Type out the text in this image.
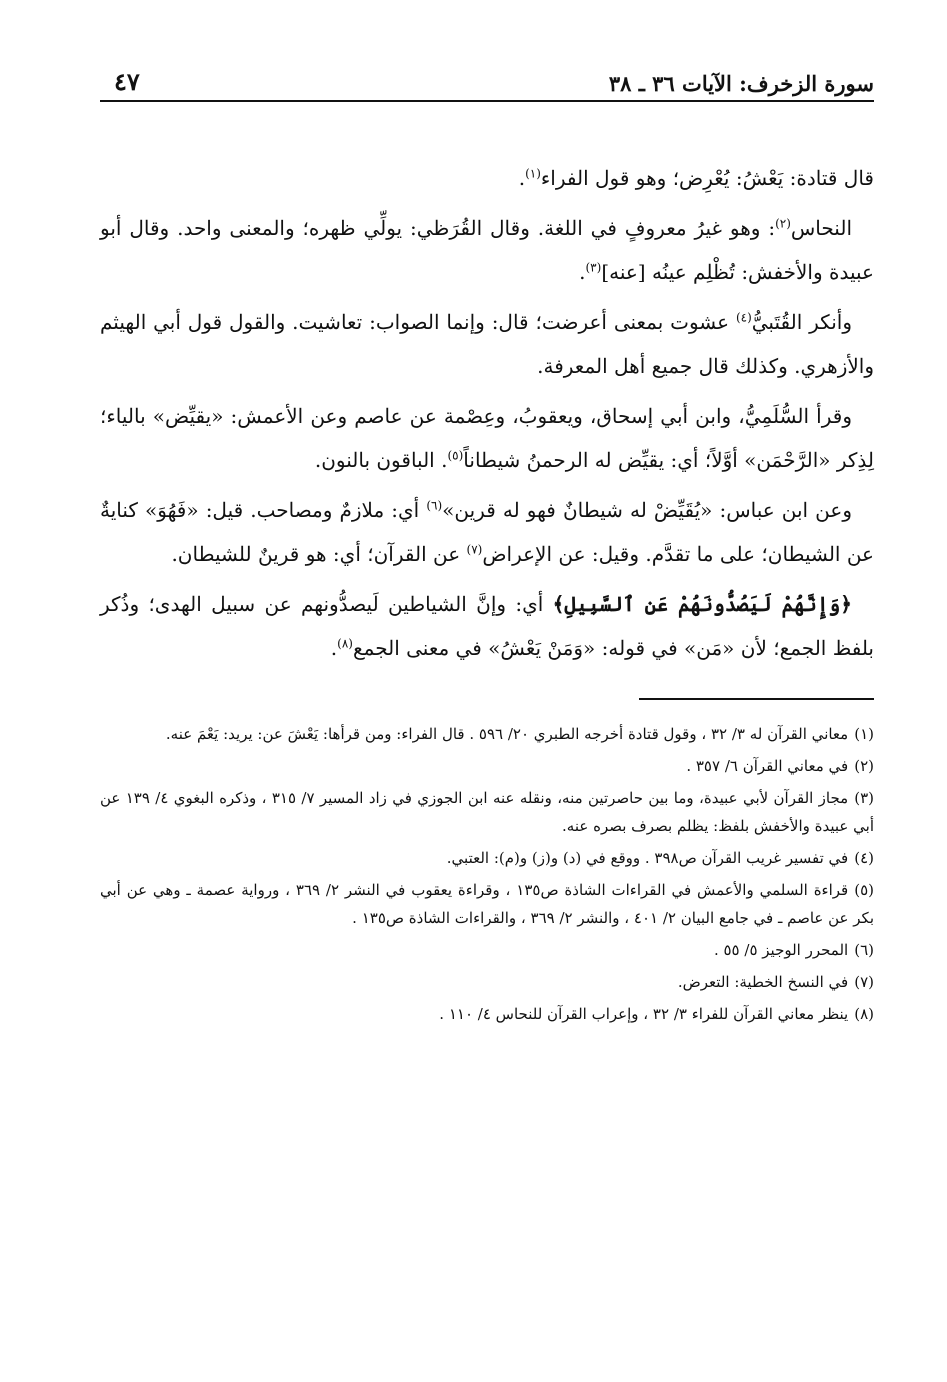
سورة الزخرف: الآيات ٣٦ ـ ٣٨
٤٧

قال قتادة: يَعْشُ: يُعْرِض؛ وهو قول الفراء$^{(١)}$.

النحاس$^{(٢)}$: وهو غيرُ معروفٍ في اللغة. وقال القُرَظي: يولِّي ظهره؛ والمعنى واحد. وقال أبو عبيدة والأخفش: تُظْلِم عينُه [عنه]$^{(٣)}$.

وأنكر القُتَبيُّ$^{(٤)}$ عشوت بمعنى أعرضت؛ قال: وإنما الصواب: تعاشيت. والقول قول أبي الهيثم والأزهري. وكذلك قال جميع أهل المعرفة.

وقرأ السُّلَمِيُّ، وابن أبي إسحاق، ويعقوبُ، وعِصْمة عن عاصم وعن الأعمش: «يقيِّض» بالياء؛ لِذِكر «الرَّحْمَن» أوَّلاً؛ أي: يقيِّض له الرحمنُ شيطاناً$^{(٥)}$. الباقون بالنون.

وعن ابن عباس: «يُقَيِّضْ له شيطانٌ فهو له قرين»$^{(٦)}$ أي: ملازمٌ ومصاحب. قيل: «فَهُوَ» كنايةٌ عن الشيطان؛ على ما تقدَّم. وقيل: عن الإعراض$^{(٧)}$ عن القرآن؛ أي: هو قرينٌ للشيطان.

﴿وَإِنَّهُمْ لَيَصُدُّونَهُمْ عَنِ ٱلسَّبِيلِ﴾ أي: وإنَّ الشياطين لَيصدُّونهم عن سبيل الهدى؛ وذُكر بلفظ الجمع؛ لأن «مَن» في قوله: «وَمَنْ يَعْشُ» في معنى الجمع$^{(٨)}$.

(١)معاني القرآن له ٣/ ٣٢ ، وقول قتادة أخرجه الطبري ٢٠/ ٥٩٦ . قال الفراء: ومن قرأها: يَعْشَ عن: يريد: يَعْمَ عنه.

(٢)في معاني القرآن ٦/ ٣٥٧ .

(٣)مجاز القرآن لأبي عبيدة، وما بين حاصرتين منه، ونقله عنه ابن الجوزي في زاد المسير ٧/ ٣١٥ ، وذكره البغوي ٤/ ١٣٩ عن أبي عبيدة والأخفش بلفظ: يظلم بصرف بصره عنه.

(٤)في تفسير غريب القرآن ص٣٩٨ . ووقع في (د) و(ز) و(م): العتبي.

(٥)قراءة السلمي والأعمش في القراءات الشاذة ص١٣٥ ، وقراءة يعقوب في النشر ٢/ ٣٦٩ ، ورواية عصمة ـ وهي عن أبي بكر عن عاصم ـ في جامع البيان ٢/ ٤٠١ ، والنشر ٢/ ٣٦٩ ، والقراءات الشاذة ص١٣٥ .

(٦)المحرر الوجيز ٥/ ٥٥ .

(٧)في النسخ الخطية: التعرض.

(٨)ينظر معاني القرآن للفراء ٣/ ٣٢ ، وإعراب القرآن للنحاس ٤/ ١١٠ .
